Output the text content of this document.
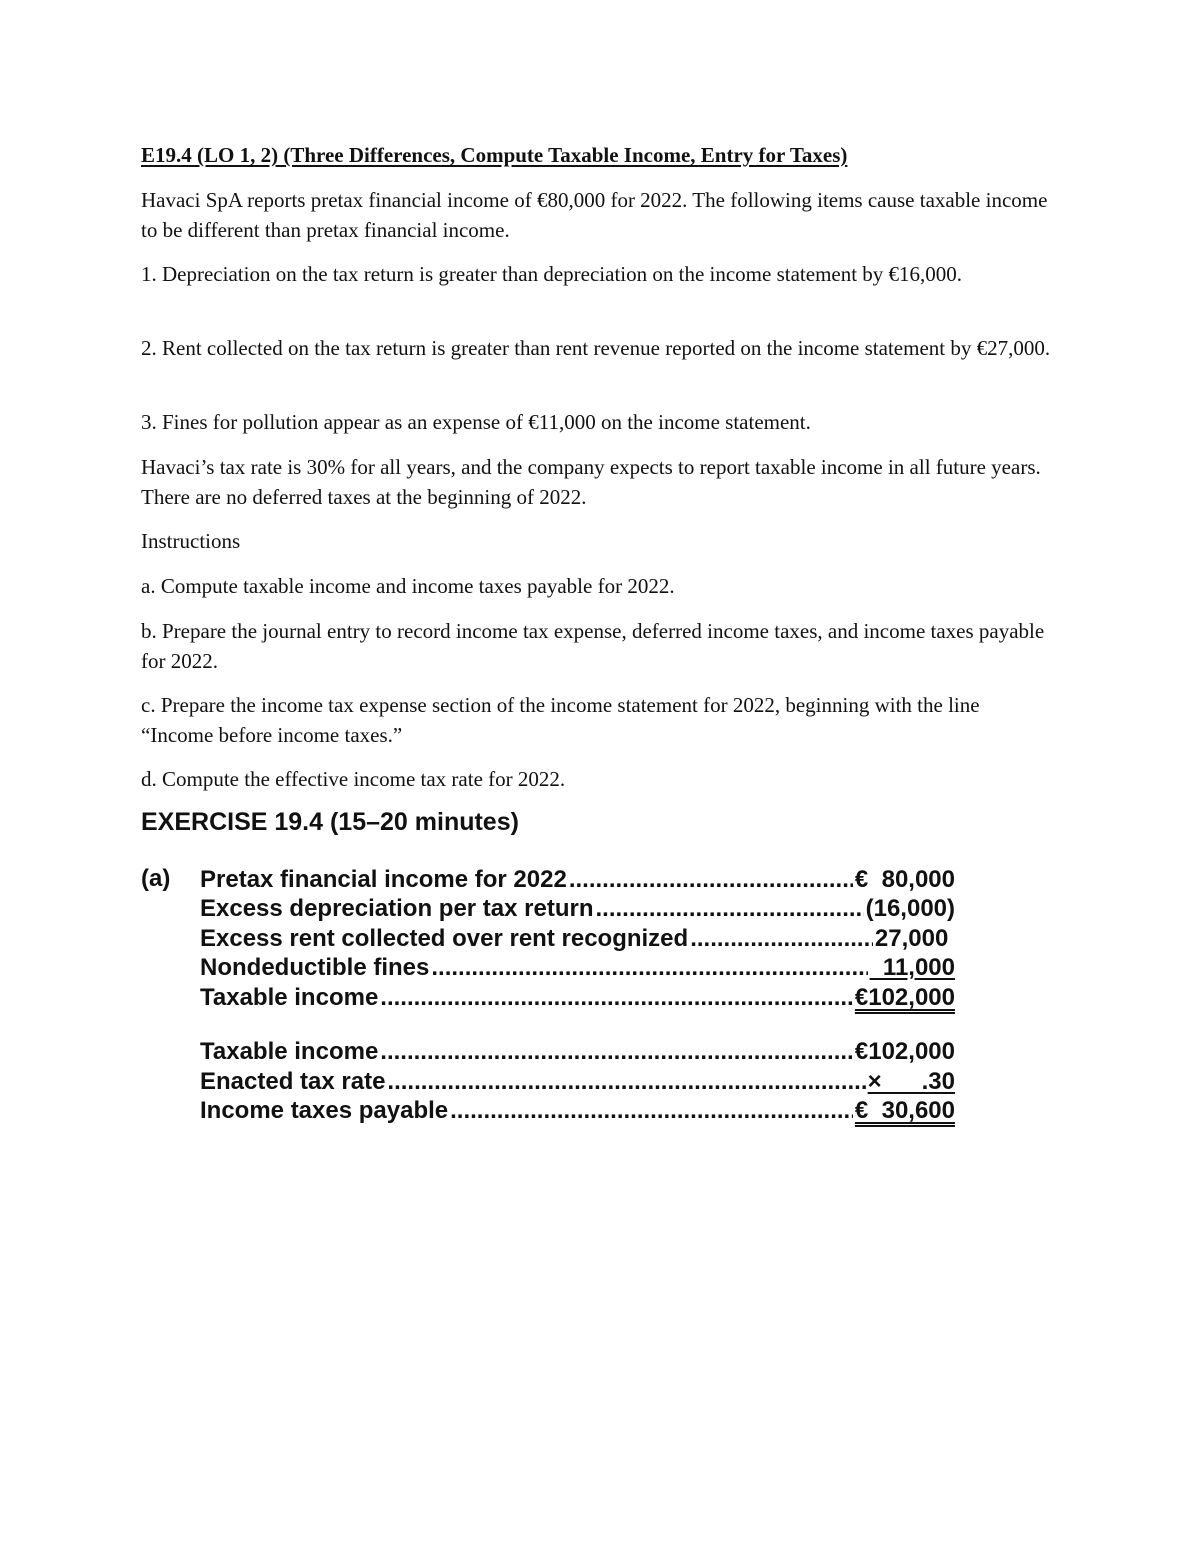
E19.4 (LO 1, 2) (Three Differences, Compute Taxable Income, Entry for Taxes)

Havaci SpA reports pretax financial income of €80,000 for 2022. The following items cause taxable income to be different than pretax financial income.

1. Depreciation on the tax return is greater than depreciation on the income statement by €16,000.

2. Rent collected on the tax return is greater than rent revenue reported on the income statement by €27,000.

3. Fines for pollution appear as an expense of €11,000 on the income statement.

Havaci’s tax rate is 30% for all years, and the company expects to report taxable income in all future years. There are no deferred taxes at the beginning of 2022.

Instructions

a. Compute taxable income and income taxes payable for 2022.

b. Prepare the journal entry to record income tax expense, deferred income taxes, and income taxes payable for 2022.

c. Prepare the income tax expense section of the income statement for 2022, beginning with the line “Income before income taxes.”

d. Compute the effective income tax rate for 2022.

EXERCISE 19.4 (15–20 minutes)

(a) Pretax financial income for 2022 .....	€  80,000
Excess depreciation per tax return .....	(16,000)
Excess rent collected over rent recognized .....	27,000
Nondeductible fines .....	11,000
Taxable income .....	€102,000
Taxable income .....	€102,000
Enacted tax rate .....	×      .30
Income taxes payable .....	€  30,600
